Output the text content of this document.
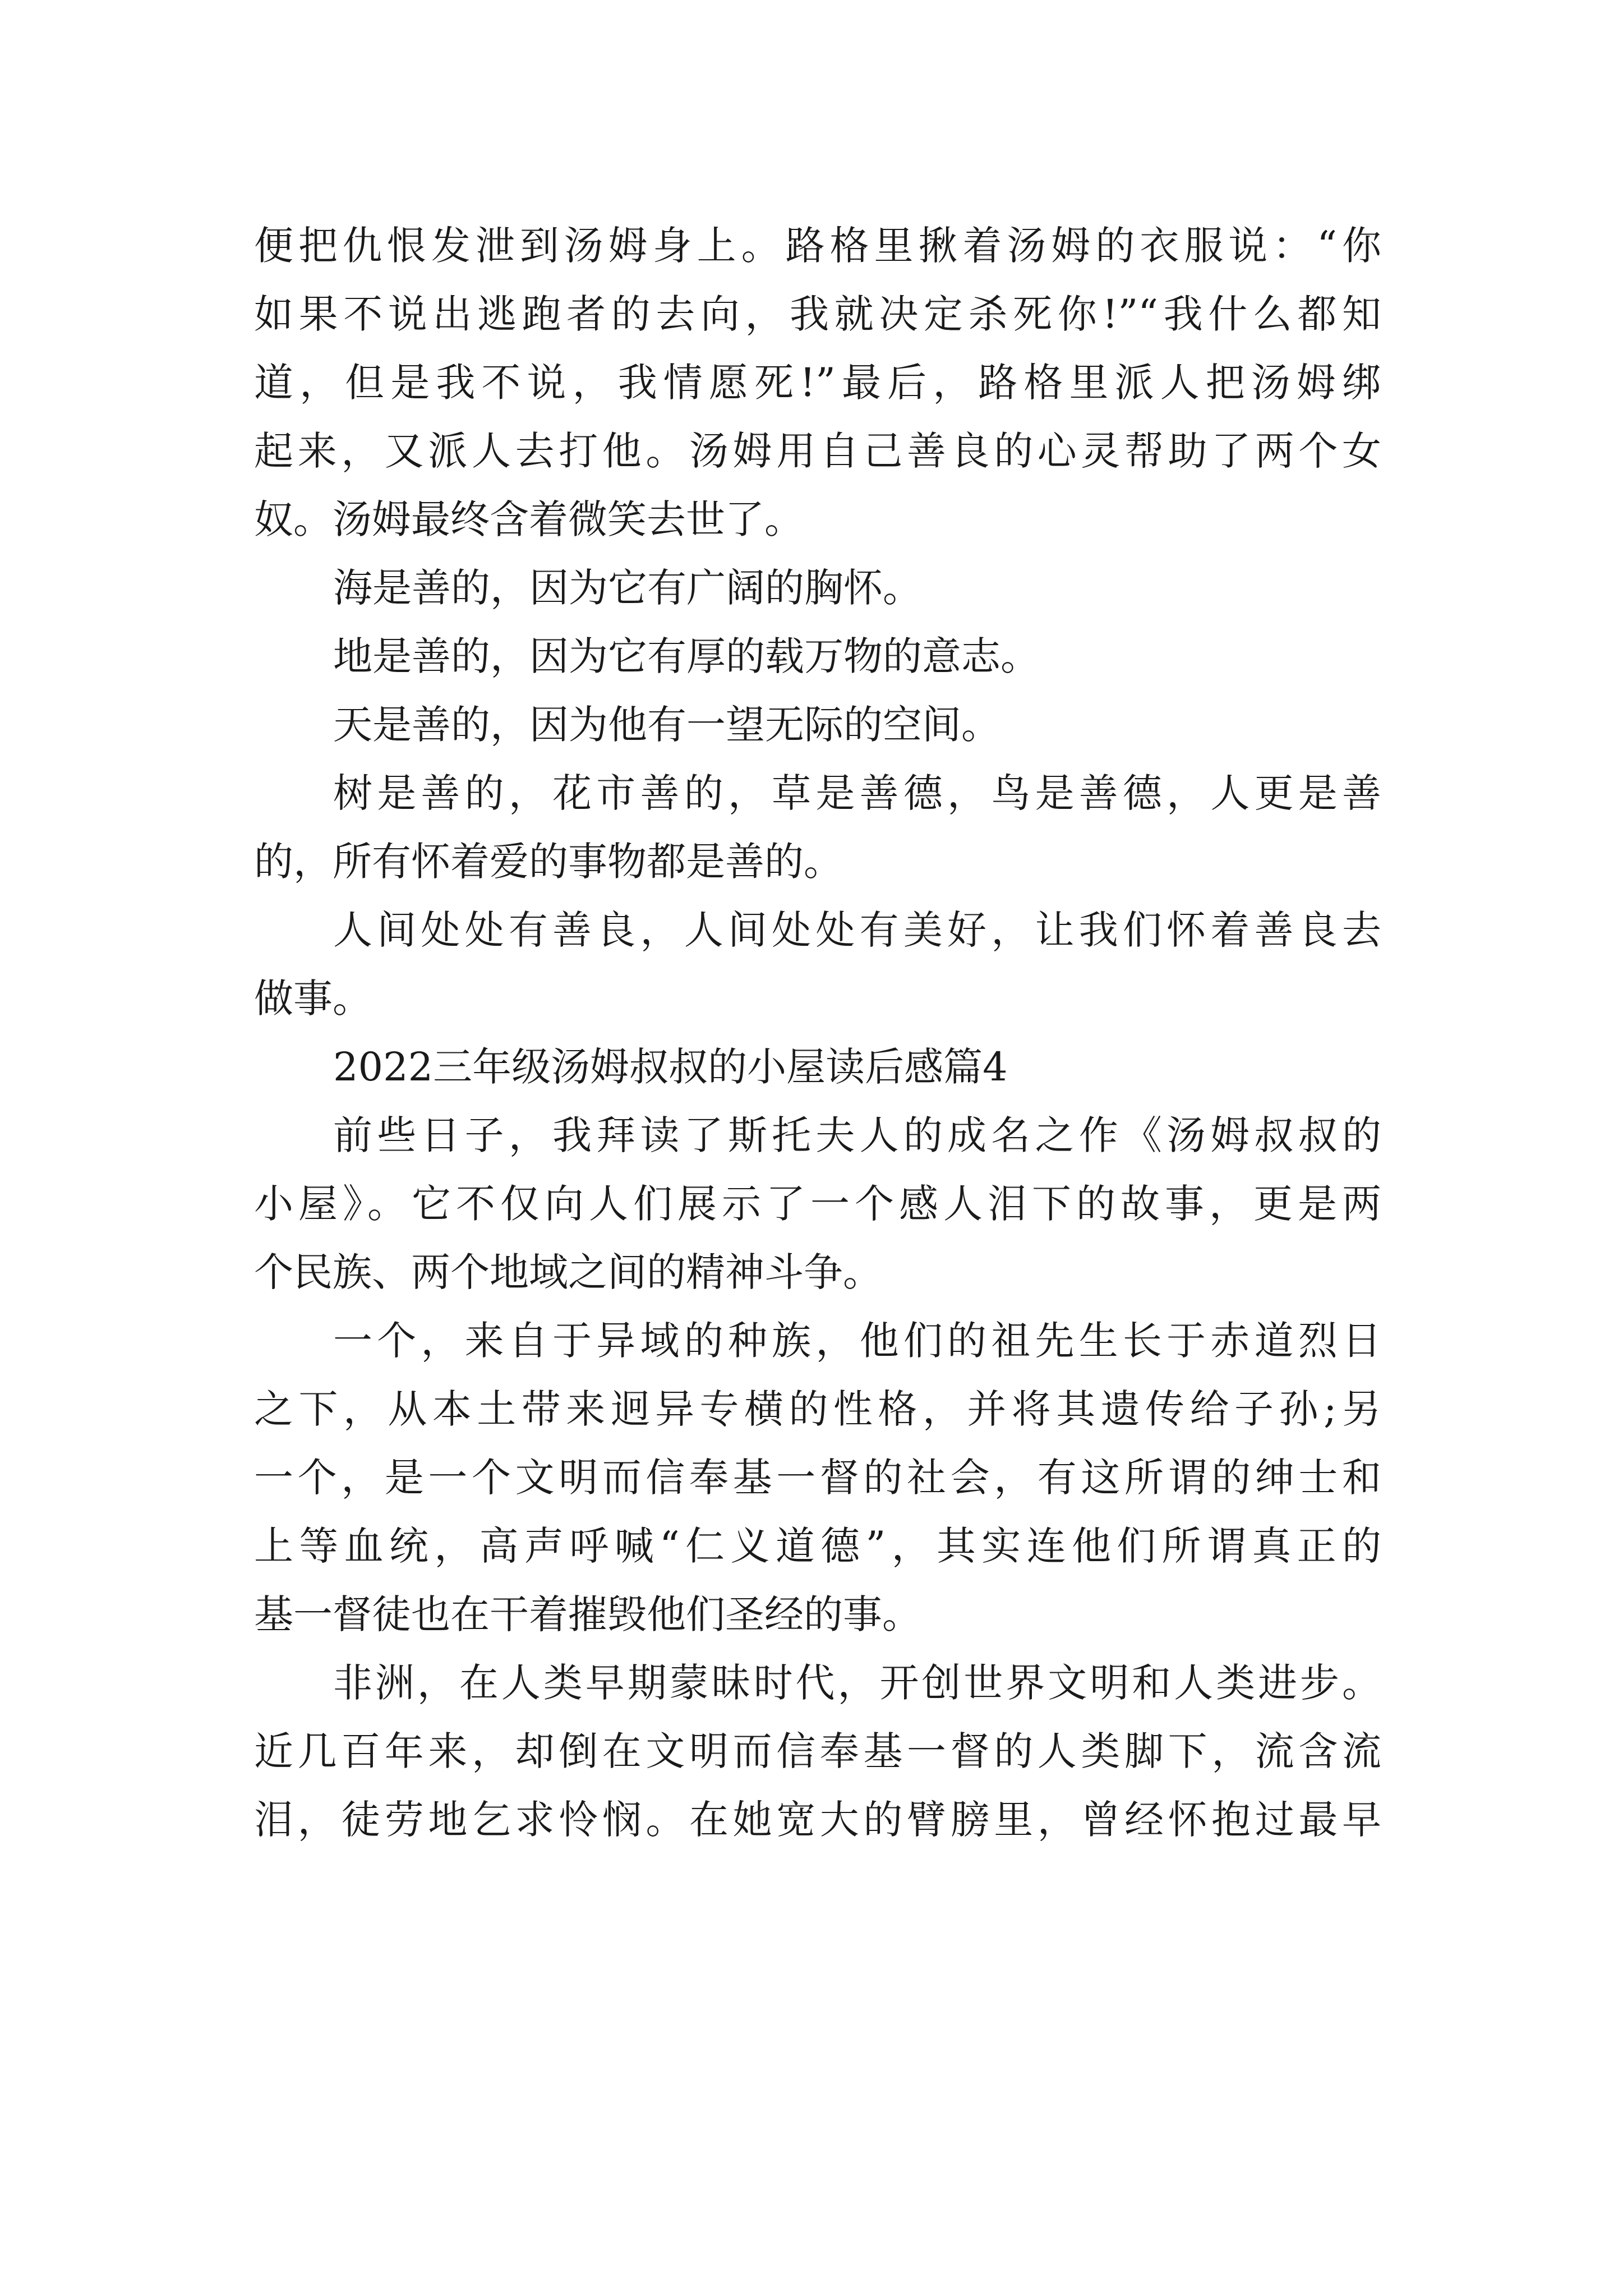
便把仇恨发泄到汤姆身上。路格里揪着汤姆的衣服说：“你
如果不说出逃跑者的去向，我就决定杀死你!”“我什么都知
道，但是我不说，我情愿死!”最后，路格里派人把汤姆绑
起来，又派人去打他。汤姆用自己善良的心灵帮助了两个女
奴。汤姆最终含着微笑去世了。
海是善的，因为它有广阔的胸怀。
地是善的，因为它有厚的载万物的意志。
天是善的，因为他有一望无际的空间。
树是善的，花市善的，草是善德，鸟是善德，人更是善
的，所有怀着爱的事物都是善的。
人间处处有善良，人间处处有美好，让我们怀着善良去
做事。
2022三年级汤姆叔叔的小屋读后感篇4
前些日子，我拜读了斯托夫人的成名之作《汤姆叔叔的
小屋》。它不仅向人们展示了一个感人泪下的故事，更是两
个民族、两个地域之间的精神斗争。
一个，来自于异域的种族，他们的祖先生长于赤道烈日
之下，从本土带来迥异专横的性格，并将其遗传给子孙;另
一个，是一个文明而信奉基一督的社会，有这所谓的绅士和
上等血统，高声呼喊“仁义道德”，其实连他们所谓真正的
基一督徒也在干着摧毁他们圣经的事。
非洲，在人类早期蒙昧时代，开创世界文明和人类进步。
近几百年来，却倒在文明而信奉基一督的人类脚下，流含流
泪，徒劳地乞求怜悯。在她宽大的臂膀里，曾经怀抱过最早
